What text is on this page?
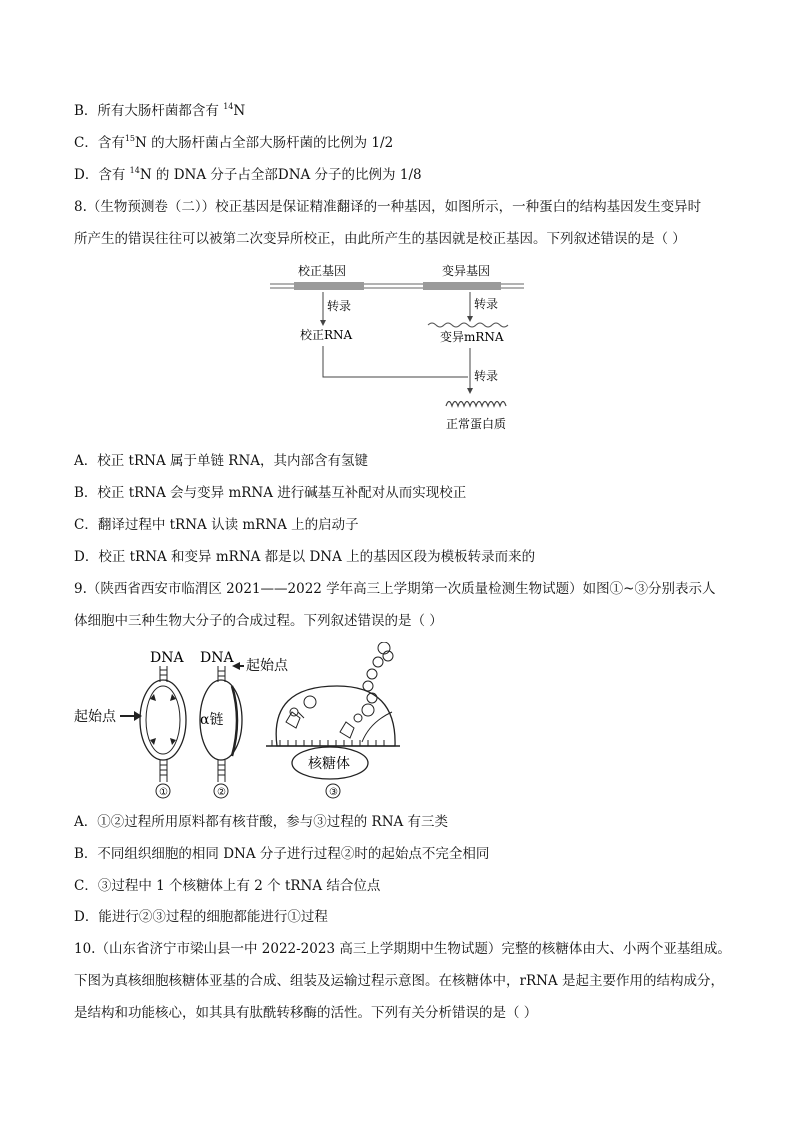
B．所有大肠杆菌都含有 $^{14}$N
C．含有$^{15}$N 的大肠杆菌占全部大肠杆菌的比例为 1/2
D．含有 $^{14}$N 的 DNA 分子占全部DNA 分子的比例为 1/8
8.（生物预测卷（二））校正基因是保证精准翻译的一种基因，如图所示，一种蛋白的结构基因发生变异时
所产生的错误往往可以被第二次变异所校正，由此所产生的基因就是校正基因。下列叙述错误的是（ ）
校正基因	变异基因
转录	转录
校正RNA	变异mRNA
转录
正常蛋白质
A．校正 tRNA 属于单链 RNA，其内部含有氢键
B．校正 tRNA 会与变异 mRNA 进行碱基互补配对从而实现校正
C．翻译过程中 tRNA 认读 mRNA 上的启动子
D．校正 tRNA 和变异 mRNA 都是以 DNA 上的基因区段为模板转录而来的
9.（陕西省西安市临渭区 2021——2022 学年高三上学期第一次质量检测生物试题）如图①~③分别表示人
体细胞中三种生物大分子的合成过程。下列叙述错误的是（ ）
DNA
起始点
①
DNA
α链
起始点
②
核糖体
③
A．①②过程所用原料都有核苷酸，参与③过程的 RNA 有三类
B．不同组织细胞的相同 DNA 分子进行过程②时的起始点不完全相同
C．③过程中 1 个核糖体上有 2 个 tRNA 结合位点
D．能进行②③过程的细胞都能进行①过程
10.（山东省济宁市梁山县一中 2022-2023 高三上学期期中生物试题）完整的核糖体由大、小两个亚基组成。
下图为真核细胞核糖体亚基的合成、组装及运输过程示意图。在核糖体中，rRNA 是起主要作用的结构成分，
是结构和功能核心，如其具有肽酰转移酶的活性。下列有关分析错误的是（ ）
